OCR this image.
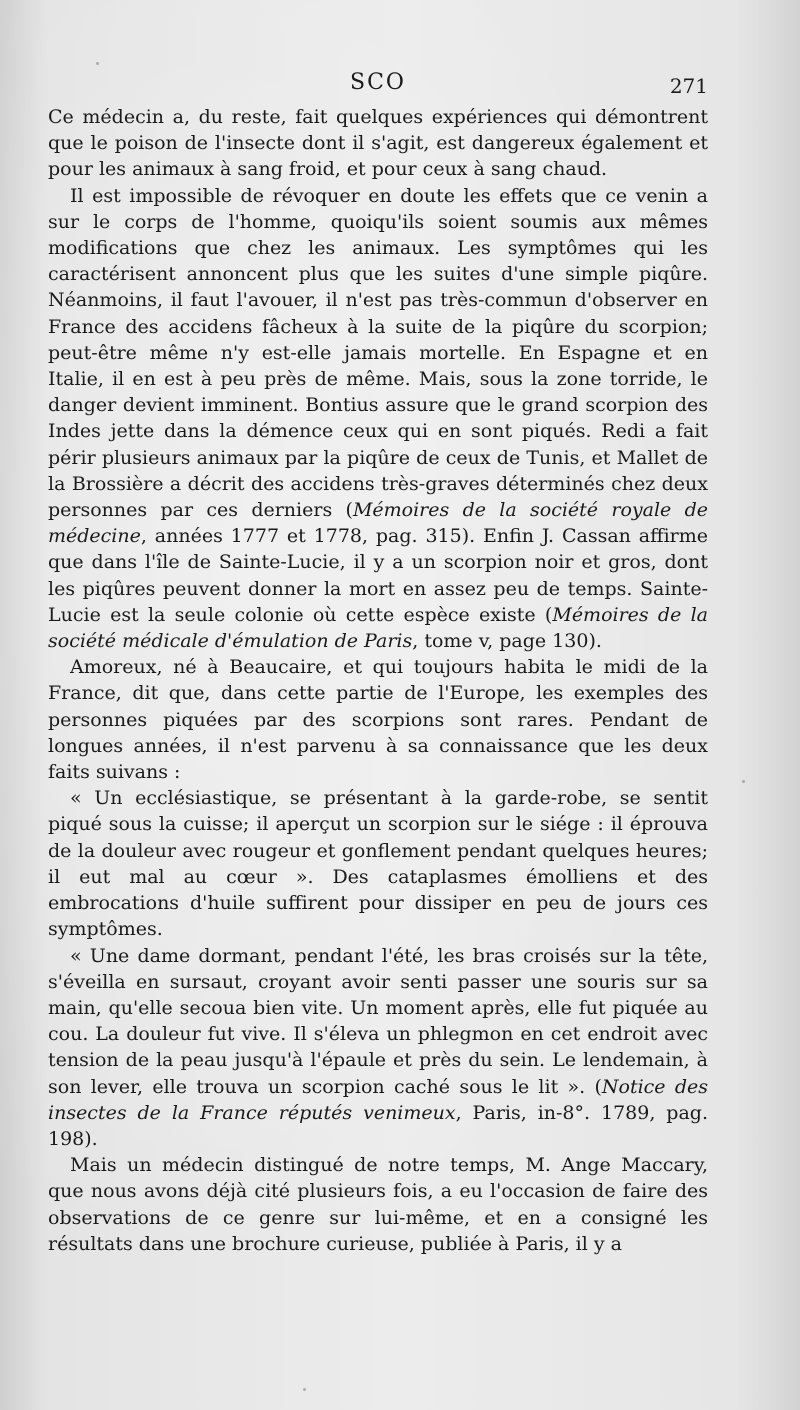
SCO	271

Ce médecin a, du reste, fait quelques expériences qui démontrent que le poison de l'insecte dont il s'agit, est dangereux également et pour les animaux à sang froid, et pour ceux à sang chaud.

Il est impossible de révoquer en doute les effets que ce venin a sur le corps de l'homme, quoiqu'ils soient soumis aux mêmes modifications que chez les animaux. Les symptômes qui les caractérisent annoncent plus que les suites d'une simple piqûre. Néanmoins, il faut l'avouer, il n'est pas très-commun d'observer en France des accidens fâcheux à la suite de la piqûre du scorpion; peut-être même n'y est-elle jamais mortelle. En Espagne et en Italie, il en est à peu près de même. Mais, sous la zone torride, le danger devient imminent. Bontius assure que le grand scorpion des Indes jette dans la démence ceux qui en sont piqués. Redi a fait périr plusieurs animaux par la piqûre de ceux de Tunis, et Mallet de la Brossière a décrit des accidens très-graves déterminés chez deux personnes par ces derniers (Mémoires de la société royale de médecine, années 1777 et 1778, pag. 315). Enfin J. Cassan affirme que dans l'île de Sainte-Lucie, il y a un scorpion noir et gros, dont les piqûres peuvent donner la mort en assez peu de temps. Sainte-Lucie est la seule colonie où cette espèce existe (Mémoires de la société médicale d'émulation de Paris, tome v, page 130).

Amoreux, né à Beaucaire, et qui toujours habita le midi de la France, dit que, dans cette partie de l'Europe, les exemples des personnes piquées par des scorpions sont rares. Pendant de longues années, il n'est parvenu à sa connaissance que les deux faits suivans :

« Un ecclésiastique, se présentant à la garde-robe, se sentit piqué sous la cuisse; il aperçut un scorpion sur le siége : il éprouva de la douleur avec rougeur et gonflement pendant quelques heures; il eut mal au cœur ». Des cataplasmes émolliens et des embrocations d'huile suffirent pour dissiper en peu de jours ces symptômes.

« Une dame dormant, pendant l'été, les bras croisés sur la tête, s'éveilla en sursaut, croyant avoir senti passer une souris sur sa main, qu'elle secoua bien vite. Un moment après, elle fut piquée au cou. La douleur fut vive. Il s'éleva un phlegmon en cet endroit avec tension de la peau jusqu'à l'épaule et près du sein. Le lendemain, à son lever, elle trouva un scorpion caché sous le lit ». (Notice des insectes de la France réputés venimeux, Paris, in-8°. 1789, pag. 198).

Mais un médecin distingué de notre temps, M. Ange Maccary, que nous avons déjà cité plusieurs fois, a eu l'occasion de faire des observations de ce genre sur lui-même, et en a consigné les résultats dans une brochure curieuse, publiée à Paris, il y a
